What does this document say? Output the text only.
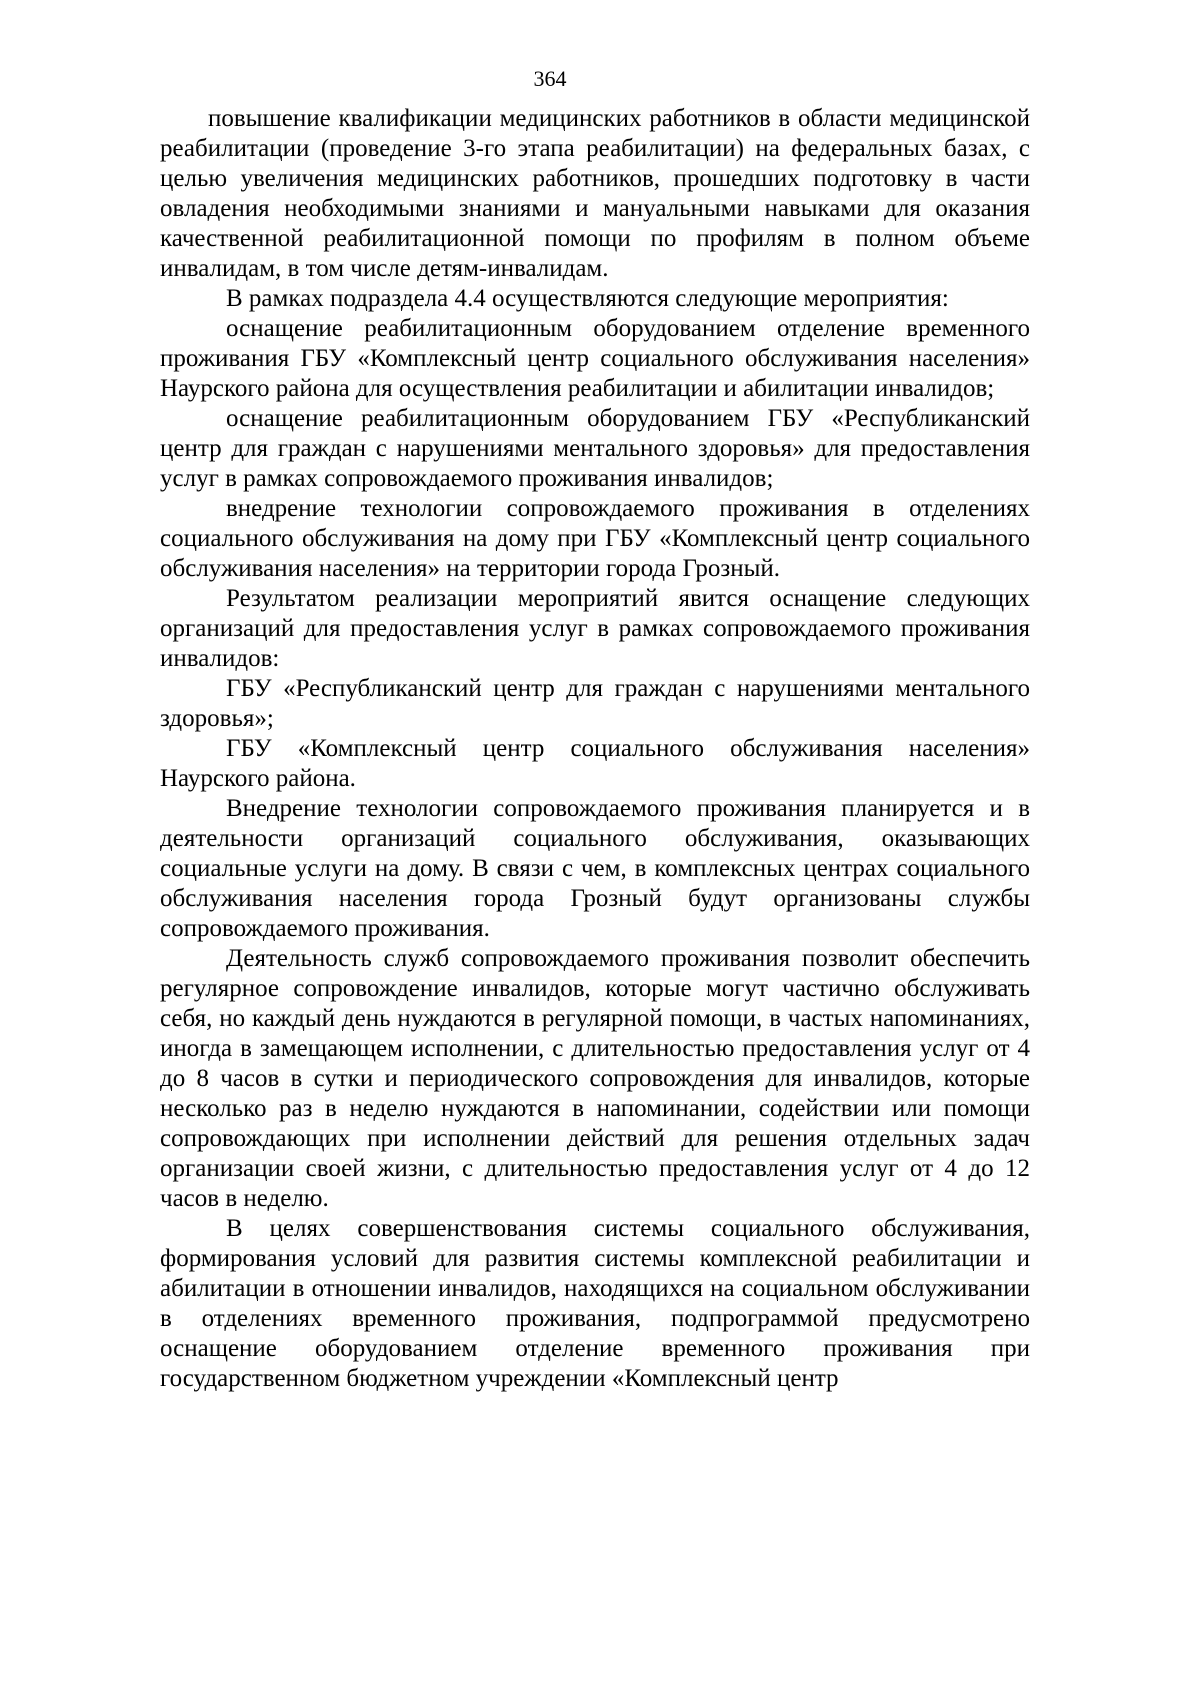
364

повышение квалификации медицинских работников в области медицинской реабилитации (проведение 3-го этапа реабилитации) на федеральных базах, с целью увеличения медицинских работников, прошедших подготовку в части овладения необходимыми знаниями и мануальными навыками для оказания качественной реабилитационной помощи по профилям в полном объеме инвалидам, в том числе детям-инвалидам.

В рамках подраздела 4.4 осуществляются следующие мероприятия:

оснащение реабилитационным оборудованием отделение временного проживания ГБУ «Комплексный центр социального обслуживания населения» Наурского района для осуществления реабилитации и абилитации инвалидов;

оснащение реабилитационным оборудованием ГБУ «Республиканский центр для граждан с нарушениями ментального здоровья» для предоставления услуг в рамках сопровождаемого проживания инвалидов;

внедрение технологии сопровождаемого проживания в отделениях социального обслуживания на дому при ГБУ «Комплексный центр социального обслуживания населения» на территории города Грозный.

Результатом реализации мероприятий явится оснащение следующих организаций для предоставления услуг в рамках сопровождаемого проживания инвалидов:

ГБУ «Республиканский центр для граждан с нарушениями ментального здоровья»;

ГБУ «Комплексный центр социального обслуживания населения» Наурского района.

Внедрение технологии сопровождаемого проживания планируется и в деятельности организаций социального обслуживания, оказывающих социальные услуги на дому. В связи с чем, в комплексных центрах социального обслуживания населения города Грозный будут организованы службы сопровождаемого проживания.

Деятельность служб сопровождаемого проживания позволит обеспечить регулярное сопровождение инвалидов, которые могут частично обслуживать себя, но каждый день нуждаются в регулярной помощи, в частых напоминаниях, иногда в замещающем исполнении, с длительностью предоставления услуг от 4 до 8 часов в сутки и периодического сопровождения для инвалидов, которые несколько раз в неделю нуждаются в напоминании, содействии или помощи сопровождающих при исполнении действий для решения отдельных задач организации своей жизни, с длительностью предоставления услуг от 4 до 12 часов в неделю.

В целях совершенствования системы социального обслуживания, формирования условий для развития системы комплексной реабилитации и абилитации в отношении инвалидов, находящихся на социальном обслуживании в отделениях временного проживания, подпрограммой предусмотрено оснащение оборудованием отделение временного проживания при государственном бюджетном учреждении «Комплексный центр
